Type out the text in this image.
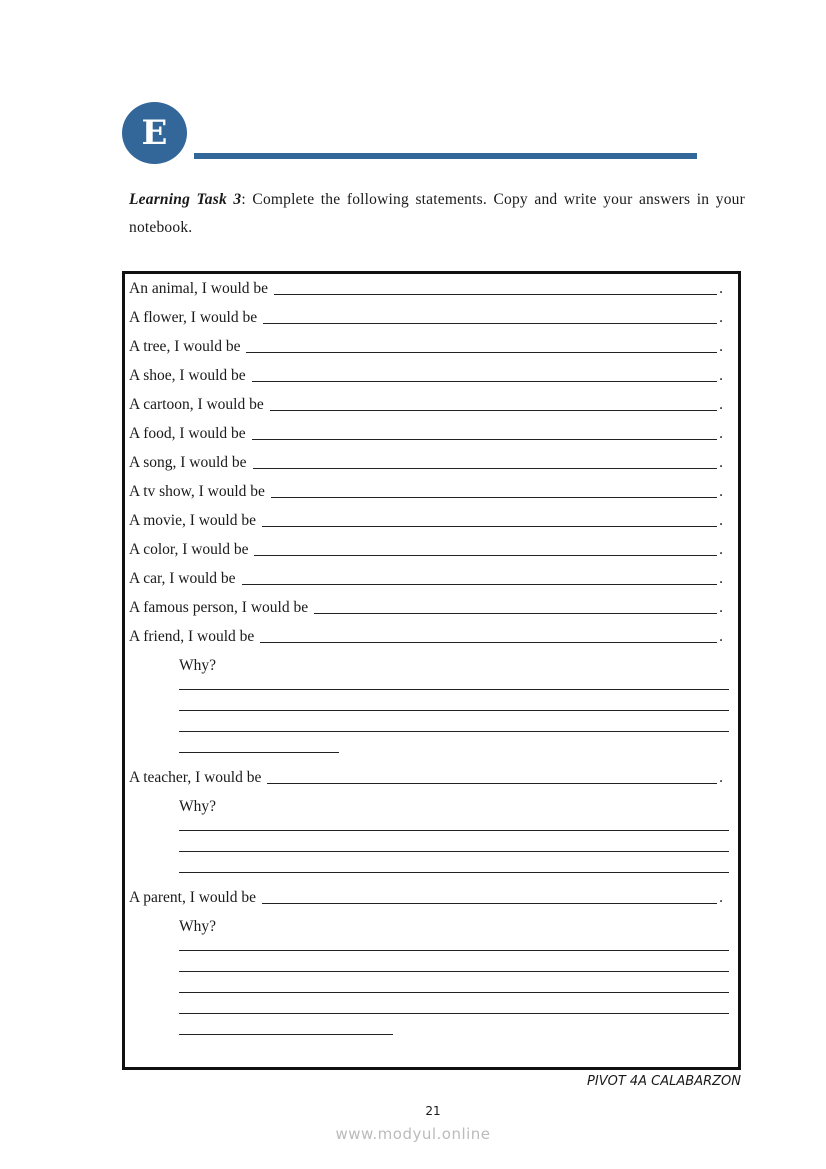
E
Learning Task 3: Complete the following statements. Copy and write your answers in your notebook.
An animal, I would be	.
A flower, I would be	.
A tree, I would be	.
A shoe, I would be	.
A cartoon, I would be	.
A food, I would be	.
A song, I would be	.
A tv show, I would be	.
A movie, I would be	.
A color, I would be	.
A car, I would be	.
A famous person, I would be	.
A friend, I would be	.
Why?
A teacher, I would be	.
Why?
A parent, I would be	.
Why?
PIVOT 4A CALABARZON
21
www.modyul.online
